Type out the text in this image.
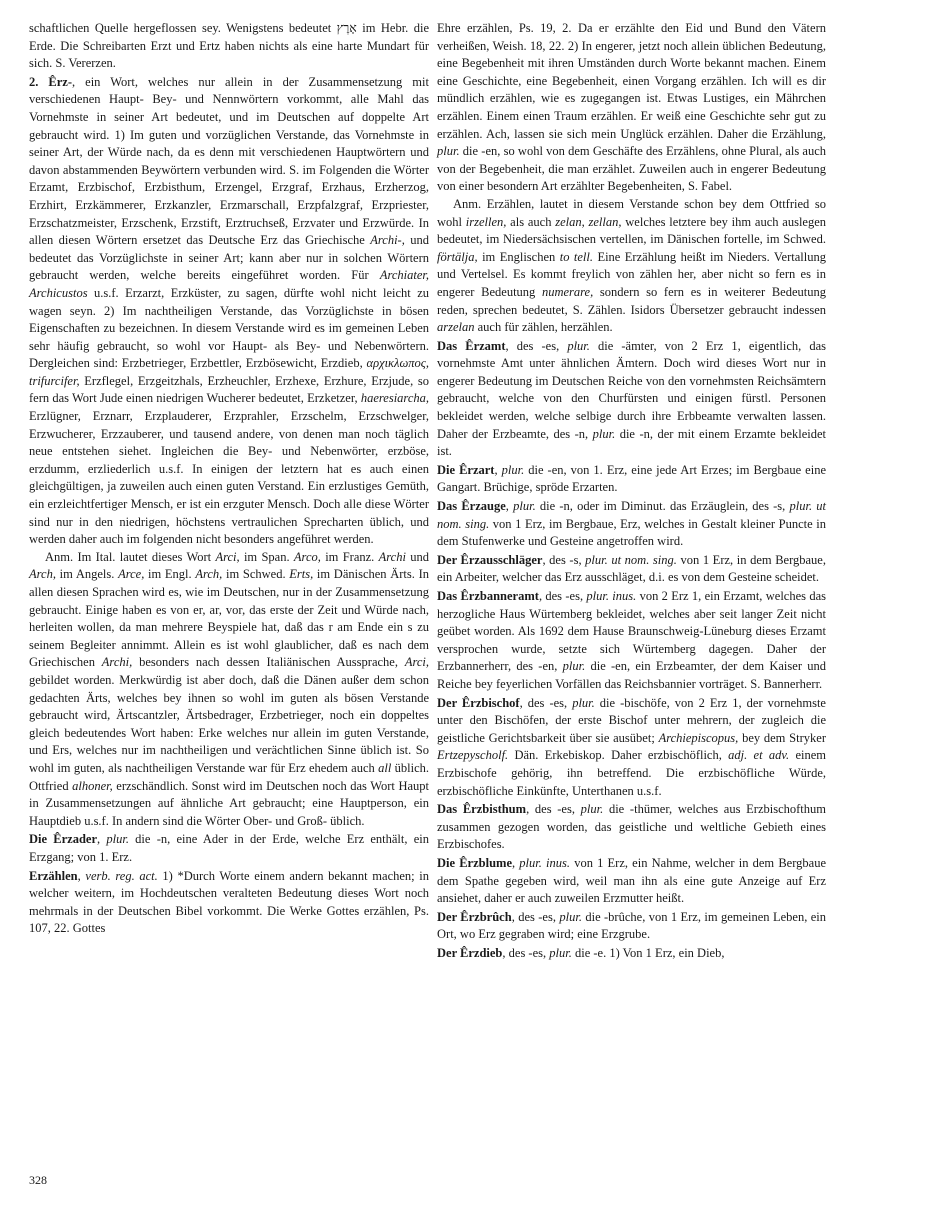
schaftlichen Quelle hergeflossen sey. Wenigstens bedeutet אָרֶץ im Hebr. die Erde. Die Schreibarten Erzt und Ertz haben nichts als eine harte Mundart für sich. S. Vererzen.

2. Êrz-, ein Wort, welches nur allein in der Zusammensetzung mit verschiedenen Haupt- Bey- und Nennwörtern vorkommt, alle Mahl das Vornehmste in seiner Art bedeutet, und im Deutschen auf doppelte Art gebraucht wird. 1) Im guten und vorzüglichen Verstande, das Vornehmste in seiner Art, der Würde nach, da es denn mit verschiedenen Hauptwörtern und davon abstammenden Beywörtern verbunden wird. S. im Folgenden die Wörter Erzamt, Erzbischof, Erzbisthum, Erzengel, Erzgraf, Erzhaus, Erzherzog, Erzhirt, Erzkämmerer, Erzkanzler, Erzmarschall, Erzpfalzgraf, Erzpriester, Erzschatzmeister, Erzschenk, Erzstift, Erztruchseß, Erzvater und Erzwürde. In allen diesen Wörtern ersetzet das Deutsche Erz das Griechische Archi-, und bedeutet das Vorzüglichste in seiner Art; kann aber nur in solchen Wörtern gebraucht werden, welche bereits eingeführet worden. Für Archiater, Archicustos u.s.f. Erzarzt, Erzküster, zu sagen, dürfte wohl nicht leicht zu wagen seyn. 2) Im nachtheiligen Verstande, das Vorzüglichste in bösen Eigenschaften zu bezeichnen. In diesem Verstande wird es im gemeinen Leben sehr häufig gebraucht, so wohl vor Haupt- als Bey- und Nebenwörtern. Dergleichen sind: Erzbetrieger, Erzbettler, Erzbösewicht, Erzdieb, αρχικλωπος, trifurcifer, Erzflegel, Erzgeitzhals, Erzheuchler, Erzhexe, Erzhure, Erzjude, so fern das Wort Jude einen niedrigen Wucherer bedeutet, Erzketzer, haeresiarcha, Erzlügner, Erznarr, Erzplauderer, Erzprahler, Erzschelm, Erzschwelger, Erzwucherer, Erzzauberer, und tausend andere, von denen man noch täglich neue entstehen siehet. Ingleichen die Bey- und Nebenwörter, erzböse, erzdumm, erzliederlich u.s.f. In einigen der letztern hat es auch einen gleichgültigen, ja zuweilen auch einen guten Verstand. Ein erzlustiges Gemüth, ein erzleichtfertiger Mensch, er ist ein erzguter Mensch. Doch alle diese Wörter sind nur in den niedrigen, höchstens vertraulichen Sprecharten üblich, und werden daher auch im folgenden nicht besonders angeführet werden.

Anm. Im Ital. lautet dieses Wort Arci, im Span. Arco, im Franz. Archi und Arch, im Angels. Arce, im Engl. Arch, im Schwed. Erts, im Dänischen Ärts. In allen diesen Sprachen wird es, wie im Deutschen, nur in der Zusammensetzung gebraucht. Einige haben es von er, ar, vor, das erste der Zeit und Würde nach, herleiten wollen, da man mehrere Beyspiele hat, daß das r am Ende ein s zu seinem Begleiter annimmt. Allein es ist wohl glaublicher, daß es nach dem Griechischen Archi, besonders nach dessen Italiänischen Aussprache, Arci, gebildet worden. Merkwürdig ist aber doch, daß die Dänen außer dem schon gedachten Ärts, welches bey ihnen so wohl im guten als bösen Verstande gebraucht wird, Ärtscantzler, Ärtsbedrager, Erzbetrieger, noch ein doppeltes gleich bedeutendes Wort haben: Erke welches nur allein im guten Verstande, und Ers, welches nur im nachtheiligen und verächtlichen Sinne üblich ist. So wohl im guten, als nachtheiligen Verstande war für Erz ehedem auch all üblich. Ottfried alhoner, erzschändlich. Sonst wird im Deutschen noch das Wort Haupt in Zusammensetzungen auf ähnliche Art gebraucht; eine Hauptperson, ein Hauptdieb u.s.f. In andern sind die Wörter Ober- und Groß- üblich.

Die Êrzader, plur. die -n, eine Ader in der Erde, welche Erz enthält, ein Erzgang; von 1. Erz.

Erzählen, verb. reg. act. 1) *Durch Worte einem andern bekannt machen; in welcher weitern, im Hochdeutschen veralteten Bedeutung dieses Wort noch mehrmals in der Deutschen Bibel vorkommt. Die Werke Gottes erzählen, Ps. 107, 22. Gottes

Ehre erzählen, Ps. 19, 2. Da er erzählte den Eid und Bund den Vätern verheißen, Weish. 18, 22. 2) In engerer, jetzt noch allein üblichen Bedeutung, eine Begebenheit mit ihren Umständen durch Worte bekannt machen. Einem eine Geschichte, eine Begebenheit, einen Vorgang erzählen. Ich will es dir mündlich erzählen, wie es zugegangen ist. Etwas Lustiges, ein Mährchen erzählen. Einem einen Traum erzählen. Er weiß eine Geschichte sehr gut zu erzählen. Ach, lassen sie sich mein Unglück erzählen. Daher die Erzählung, plur. die -en, so wohl von dem Geschäfte des Erzählens, ohne Plural, als auch von der Begebenheit, die man erzählet. Zuweilen auch in engerer Bedeutung von einer besondern Art erzählter Begebenheiten, S. Fabel.

Anm. Erzählen, lautet in diesem Verstande schon bey dem Ottfried so wohl irzellen, als auch zelan, zellan, welches letztere bey ihm auch auslegen bedeutet, im Niedersächsischen vertellen, im Dänischen fortelle, im Schwed. förtälja, im Englischen to tell. Eine Erzählung heißt im Nieders. Vertallung und Vertelsel. Es kommt freylich von zählen her, aber nicht so fern es in engerer Bedeutung numerare, sondern so fern es in weiterer Bedeutung reden, sprechen bedeutet, S. Zählen. Isidors Übersetzer gebraucht indessen arzelan auch für zählen, herzählen.

Das Êrzamt, des -es, plur. die -ämter, von 2 Erz 1, eigentlich, das vornehmste Amt unter ähnlichen Ämtern. Doch wird dieses Wort nur in engerer Bedeutung im Deutschen Reiche von den vornehmsten Reichsämtern gebraucht, welche von den Churfürsten und einigen fürstl. Personen bekleidet werden, welche selbige durch ihre Erbbeamte verwalten lassen. Daher der Erzbeamte, des -n, plur. die -n, der mit einem Erzamte bekleidet ist.

Die Êrzart, plur. die -en, von 1. Erz, eine jede Art Erzes; im Bergbaue eine Gangart. Brüchige, spröde Erzarten.

Das Êrzauge, plur. die -n, oder im Diminut. das Erzäuglein, des -s, plur. ut nom. sing. von 1 Erz, im Bergbaue, Erz, welches in Gestalt kleiner Puncte in dem Stufenwerke und Gesteine angetroffen wird.

Der Êrzausschläger, des -s, plur. ut nom. sing. von 1 Erz, in dem Bergbaue, ein Arbeiter, welcher das Erz ausschläget, d.i. es von dem Gesteine scheidet.

Das Êrzbanneramt, des -es, plur. inus. von 2 Erz 1, ein Erzamt, welches das herzogliche Haus Würtemberg bekleidet, welches aber seit langer Zeit nicht geübet worden. Als 1692 dem Hause Braunschweig-Lüneburg dieses Erzamt versprochen wurde, setzte sich Würtemberg dagegen. Daher der Erzbannerherr, des -en, plur. die -en, ein Erzbeamter, der dem Kaiser und Reiche bey feyerlichen Vorfällen das Reichsbannier vorträget. S. Bannerherr.

Der Êrzbischof, des -es, plur. die -bischöfe, von 2 Erz 1, der vornehmste unter den Bischöfen, der erste Bischof unter mehrern, der zugleich die geistliche Gerichtsbarkeit über sie ausübet; Archiepiscopus, bey dem Stryker Ertzepyscholf. Dän. Erkebiskop. Daher erzbischöflich, adj. et adv. einem Erzbischofe gehörig, ihn betreffend. Die erzbischöfliche Würde, erzbischöfliche Einkünfte, Unterthanen u.s.f.

Das Êrzbisthum, des -es, plur. die -thümer, welches aus Erzbischofthum zusammen gezogen worden, das geistliche und weltliche Gebieth eines Erzbischofes.

Die Êrzblume, plur. inus. von 1 Erz, ein Nahme, welcher in dem Bergbaue dem Spathe gegeben wird, weil man ihn als eine gute Anzeige auf Erz ansiehet, daher er auch zuweilen Erzmutter heißt.

Der Êrzbrûch, des -es, plur. die -brûche, von 1 Erz, im gemeinen Leben, ein Ort, wo Erz gegraben wird; eine Erzgrube.

Der Êrzdieb, des -es, plur. die -e. 1) Von 1 Erz, ein Dieb,

328
